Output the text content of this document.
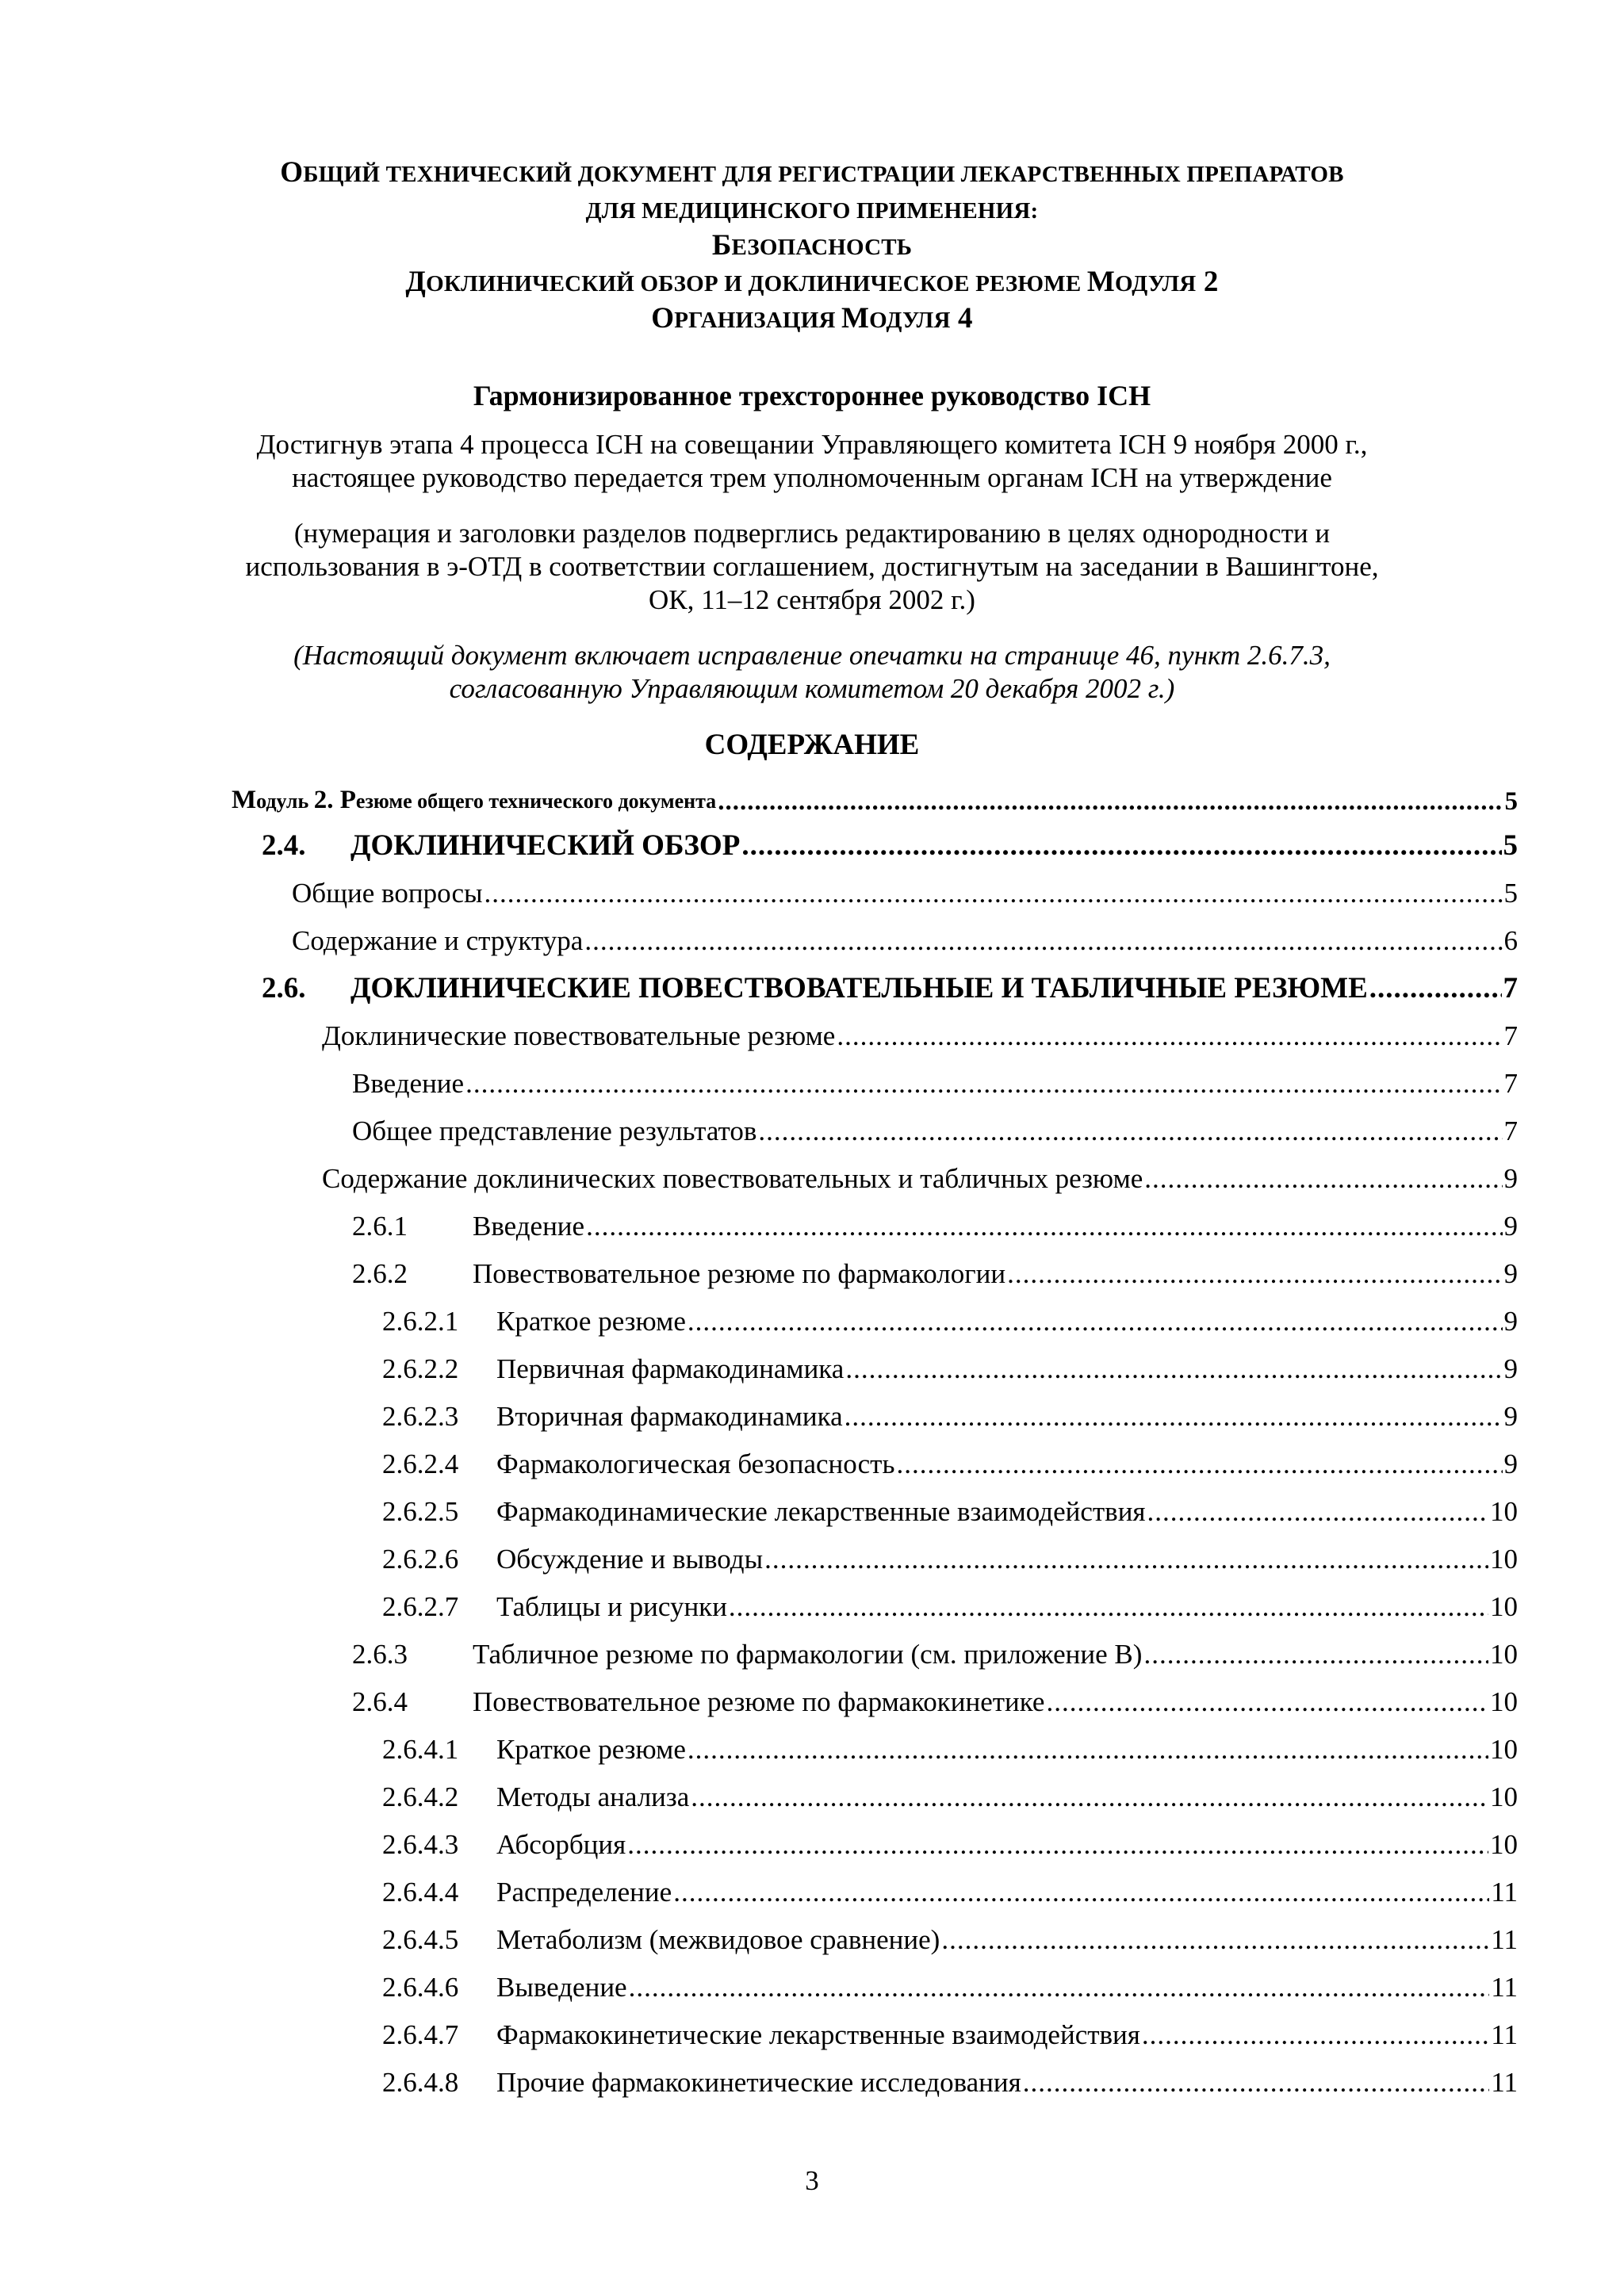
ОБЩИЙ ТЕХНИЧЕСКИЙ ДОКУМЕНТ ДЛЯ РЕГИСТРАЦИИ ЛЕКАРСТВЕННЫХ ПРЕПАРАТОВ
ДЛЯ МЕДИЦИНСКОГО ПРИМЕНЕНИЯ:
БЕЗОПАСНОСТЬ
ДОКЛИНИЧЕСКИЙ ОБЗОР И ДОКЛИНИЧЕСКОЕ РЕЗЮМЕ МОДУЛЯ 2
ОРГАНИЗАЦИЯ МОДУЛЯ 4
Гармонизированное трехстороннее руководство ICH
Достигнув этапа 4 процесса ICH на совещании Управляющего комитета ICH 9 ноября 2000 г.,
настоящее руководство передается трем уполномоченным органам ICH на утверждение
(нумерация и заголовки разделов подверглись редактированию в целях однородности и
использования в э-ОТД в соответствии соглашением, достигнутым на заседании в Вашингтоне,
ОК, 11–12 сентября 2002 г.)
(Настоящий документ включает исправление опечатки на странице 46, пункт 2.6.7.3,
согласованную Управляющим комитетом 20 декабря 2002 г.)
СОДЕРЖАНИЕ
Модуль 2. Резюме общего технического документа .....	5
2.4.	ДОКЛИНИЧЕСКИЙ ОБЗОР .....	5
Общие вопросы .....	5
Содержание и структура .....	6
2.6.	ДОКЛИНИЧЕСКИЕ ПОВЕСТВОВАТЕЛЬНЫЕ И ТАБЛИЧНЫЕ РЕЗЮМЕ .....	7
Доклинические повествовательные резюме .....	7
Введение .....	7
Общее представление результатов .....	7
Содержание доклинических повествовательных и табличных резюме .....	9
2.6.1	Введение .....	9
2.6.2	Повествовательное резюме по фармакологии .....	9
2.6.2.1	Краткое резюме .....	9
2.6.2.2	Первичная фармакодинамика .....	9
2.6.2.3	Вторичная фармакодинамика .....	9
2.6.2.4	Фармакологическая безопасность .....	9
2.6.2.5	Фармакодинамические лекарственные взаимодействия .....	10
2.6.2.6	Обсуждение и выводы .....	10
2.6.2.7	Таблицы и рисунки .....	10
2.6.3	Табличное резюме по фармакологии (см. приложение В) .....	10
2.6.4	Повествовательное резюме по фармакокинетике .....	10
2.6.4.1	Краткое резюме .....	10
2.6.4.2	Методы анализа .....	10
2.6.4.3	Абсорбция .....	10
2.6.4.4	Распределение .....	11
2.6.4.5	Метаболизм (межвидовое сравнение) .....	11
2.6.4.6	Выведение .....	11
2.6.4.7	Фармакокинетические лекарственные взаимодействия .....	11
2.6.4.8	Прочие фармакокинетические исследования .....	11
3
